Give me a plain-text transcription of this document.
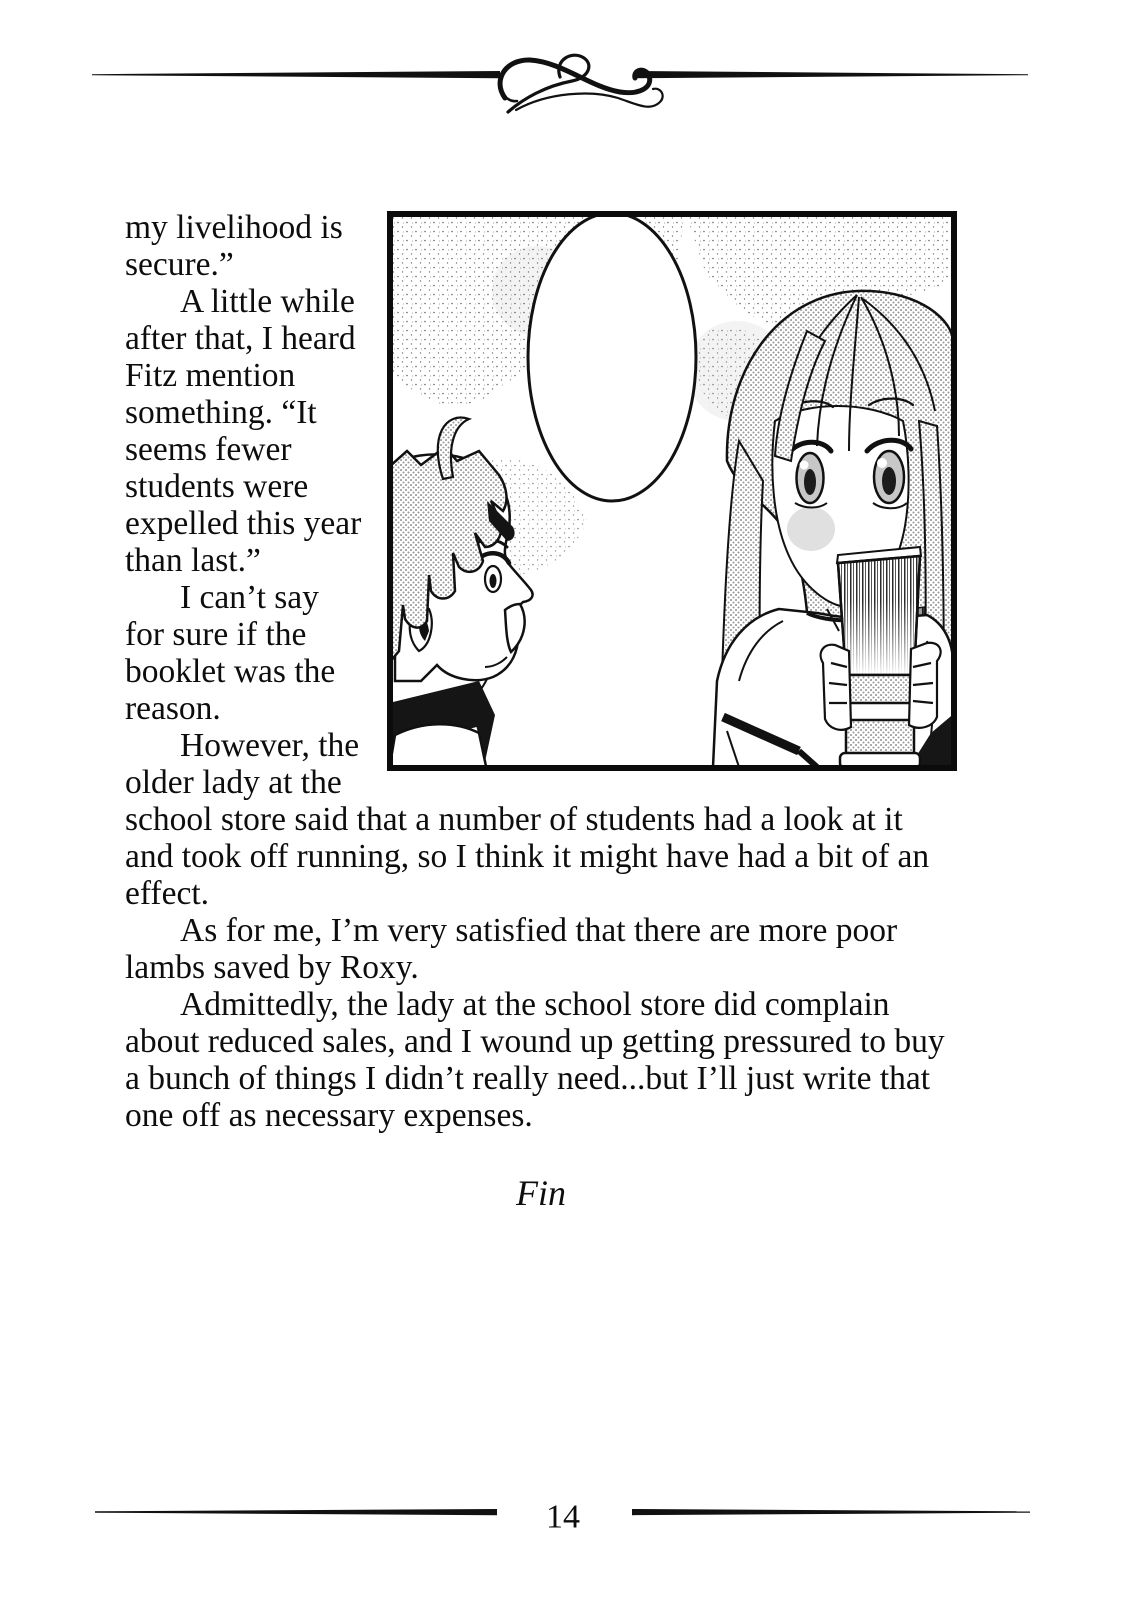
my livelihood is secure.”

A little while after that, I heard Fitz mention something. “It seems fewer students were expelled this year than last.”

I can’t say for sure if the booklet was the reason.

However, the older lady at the school store said that a number of students had a look at it and took off running, so I think it might have had a bit of an effect.

As for me, I’m very satisfied that there are more poor lambs saved by Roxy.

Admittedly, the lady at the school store did complain about reduced sales, and I wound up getting pressured to buy a bunch of things I didn’t really need...but I’ll just write that one off as necessary expenses.

Fin

14
